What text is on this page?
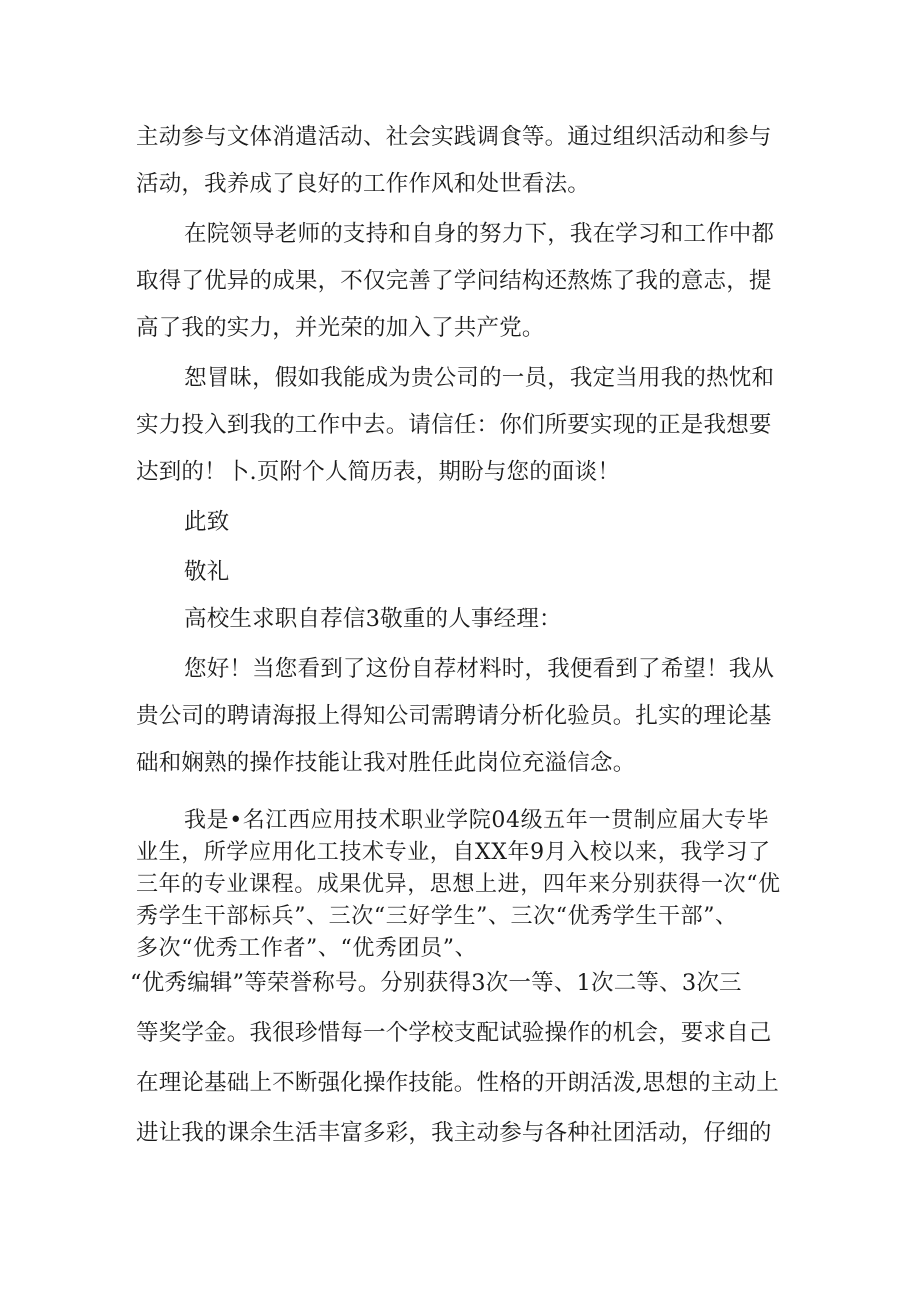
主动参与文体消遣活动、社会实践调食等。通过组织活动和参与
活动，我养成了良好的工作作风和处世看法。
在院领导老师的支持和自身的努力下，我在学习和工作中都
取得了优异的成果，不仅完善了学问结构还熬炼了我的意志，提
高了我的实力，并光荣的加入了共产党。
恕冒昧，假如我能成为贵公司的一员，我定当用我的热忱和
实力投入到我的工作中去。请信任：你们所要实现的正是我想要
达到的！卜.页附个人简历表，期盼与您的面谈！
此致
敬礼
高校生求职自荐信3敬重的人事经理：
您好！当您看到了这份自荐材料时，我便看到了希望！我从
贵公司的聘请海报上得知公司需聘请分析化验员。扎实的理论基
础和娴熟的操作技能让我对胜任此岗位充溢信念。
我是•名江西应用技术职业学院04级五年一贯制应届大专毕
业生，所学应用化工技术专业，自XX年9月入校以来，我学习了
三年的专业课程。成果优异，思想上进，四年来分别获得一次“优
秀学生干部标兵”、三次“三好学生”、三次“优秀学生干部”、
多次“优秀工作者”、“优秀团员”、
“优秀编辑”等荣誉称号。分别获得3次一等、1次二等、3次三
等奖学金。我很珍惜每一个学校支配试验操作的机会，要求自己
在理论基础上不断强化操作技能。性格的开朗活泼,思想的主动上
进让我的课余生活丰富多彩，我主动参与各种社团活动，仔细的
